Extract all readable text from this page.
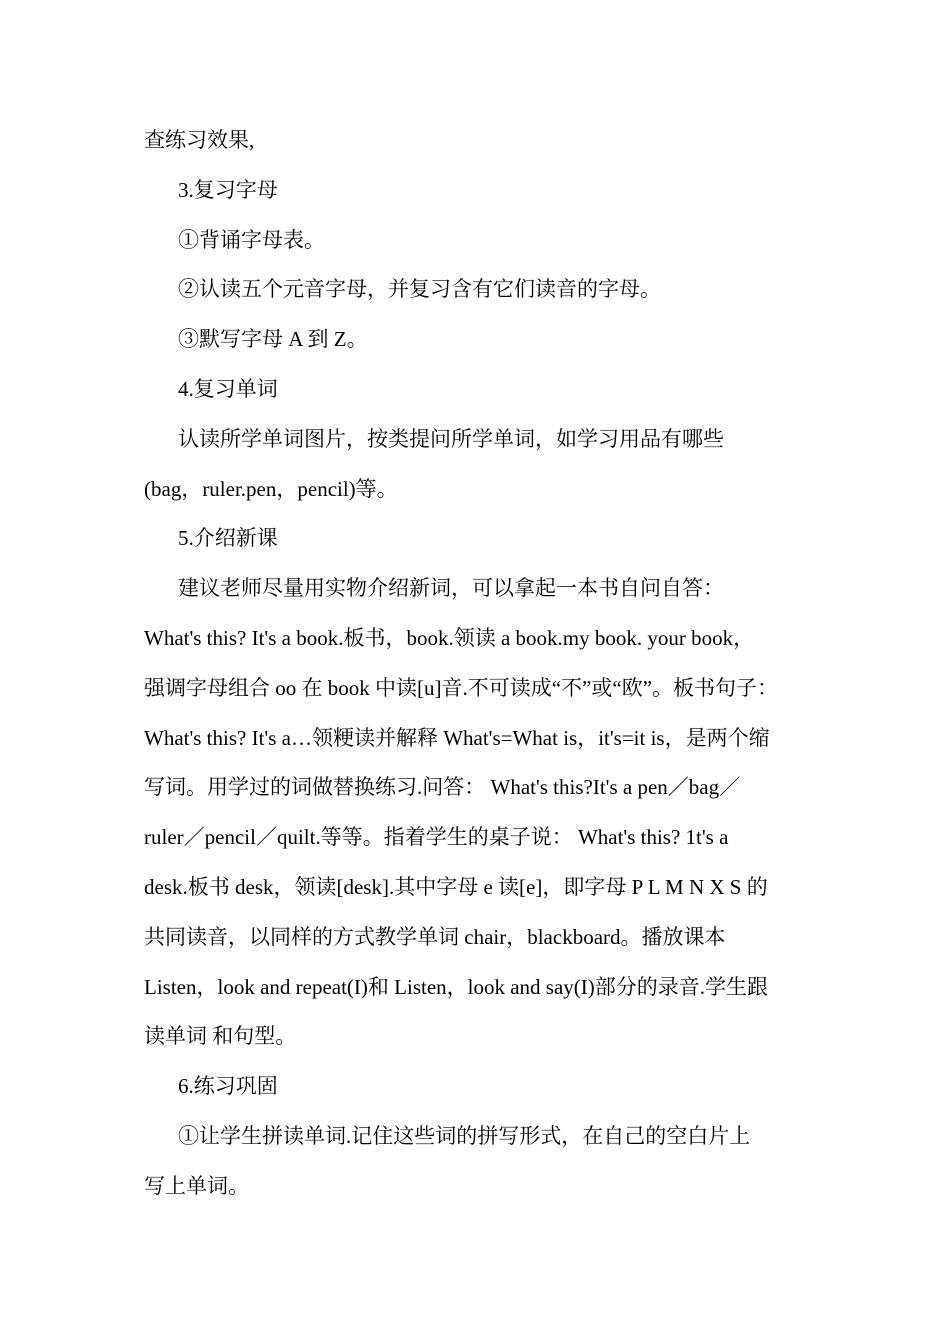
查练习效果,

3.复习字母

①背诵字母表。

②认读五个元音字母，并复习含有它们读音的字母。

③默写字母 A 到 Z。

4.复习单词

认读所学单词图片，按类提问所学单词，如学习用品有哪些

(bag，ruler.pen，pencil)等。

5.介绍新课

建议老师尽量用实物介绍新词，可以拿起一本书自问自答：

What's this? It's a book.板书，book.领读 a book.my book. your book，

强调字母组合 oo 在 book 中读[u]音.不可读成“不”或“欧”。板书句子：

What's this? It's a…领粳读并解释 What's=What is，it's=it is，是两个缩

写词。用学过的词做替换练习.问答： What's this?It's a pen／bag／

ruler／pencil／quilt.等等。指着学生的桌子说： What's this? 1t's a

desk.板书 desk，领读[desk].其中字母 e 读[e]，即字母 P L M N X S 的

共同读音，以同样的方式教学单词 chair，blackboard。播放课本

Listen，look and repeat(I)和 Listen，look and say(I)部分的录音.学生跟

读单词 和句型。

6.练习巩固

①让学生拼读单词.记住这些词的拼写形式，在自己的空白片上

写上单词。
